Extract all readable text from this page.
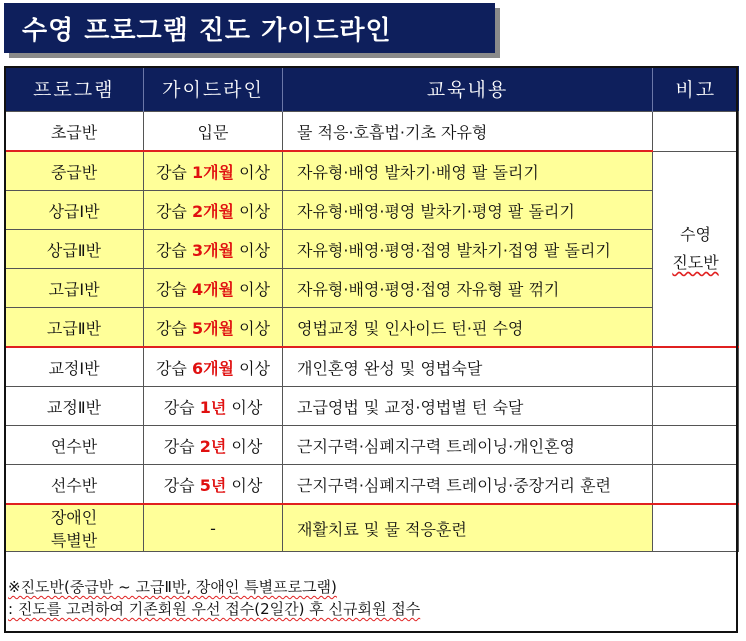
수영 프로그램 진도 가이드라인
프로그램	가이드라인	교육내용	비고
초급반	입문	물 적응·호흡법·기초 자유형	
중급반	강습 1개월 이상	자유형·배영 발차기·배영 팔 돌리기	수영
진도반

상급Ⅰ반	강습 2개월 이상	자유형·배영·평영 발차기·평영 팔 돌리기	
상급Ⅱ반	강습 3개월 이상	자유형·배영·평영·접영 발차기·접영 팔 돌리기	
고급Ⅰ반	강습 4개월 이상	자유형·배영·평영·접영 자유형 팔 꺾기	
고급Ⅱ반	강습 5개월 이상	영법교정 및 인사이드 턴·핀 수영	
교정Ⅰ반	강습 6개월 이상	개인혼영 완성 및 영법숙달	
교정Ⅱ반	강습 1년 이상	고급영법 및 교정·영법별 턴 숙달	
연수반	강습 2년 이상	근지구력·심폐지구력 트레이닝·개인혼영	
선수반	강습 5년 이상	근지구력·심폐지구력 트레이닝·중장거리 훈련	

장애인
특별반	-	재활치료 및 물 적응훈련	
※진도반(중급반 ~ 고급Ⅱ반, 장애인 특별프로그램)
: 진도를 고려하여 기존회원 우선 접수(2일간) 후 신규회원 접수
